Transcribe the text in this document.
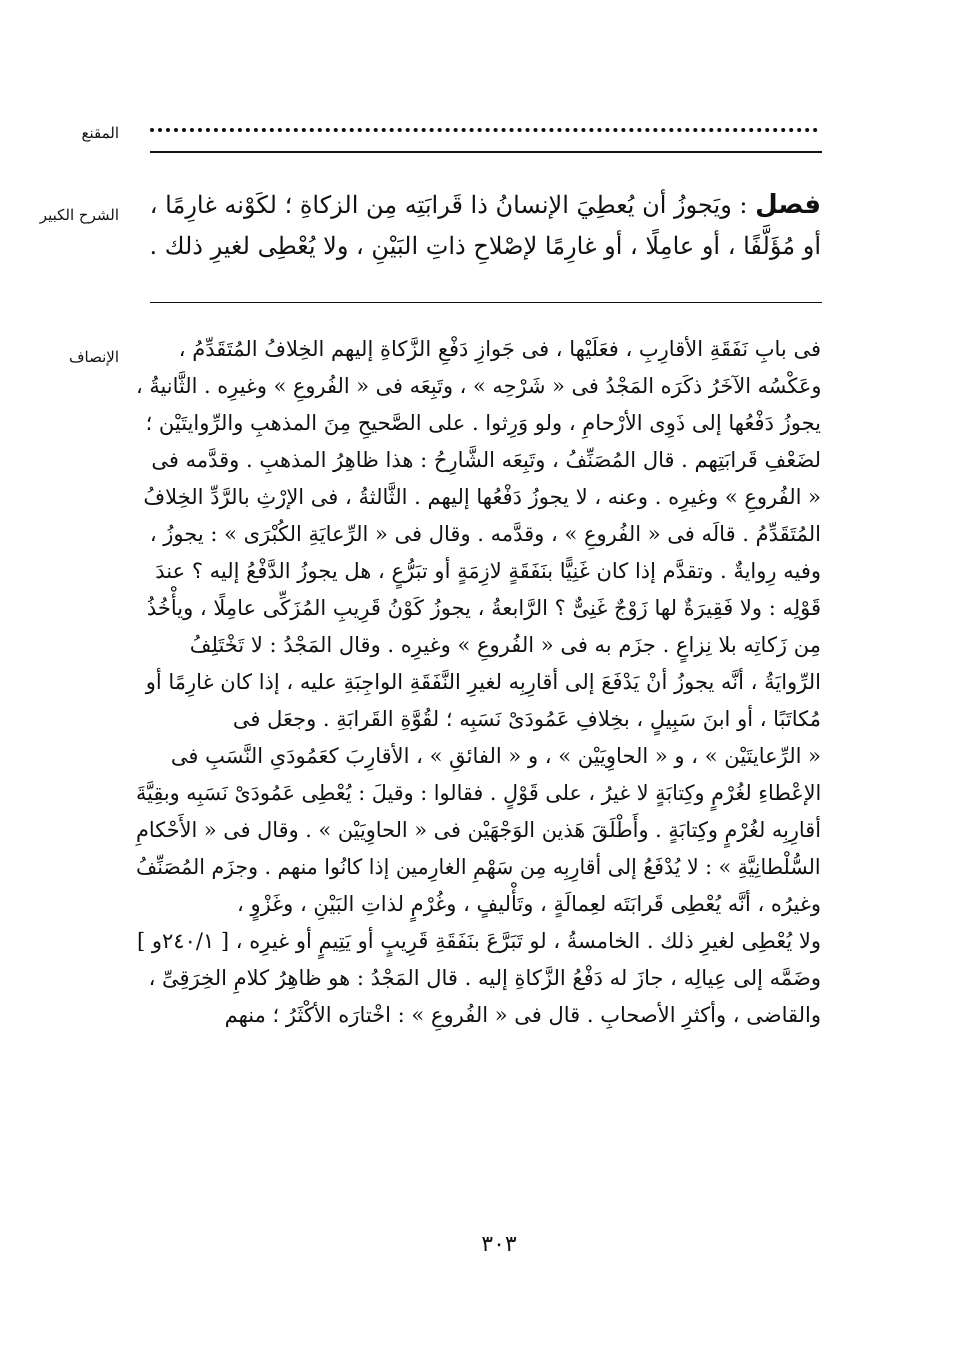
المقنع
الشرح الكبير
الإنصاف
فصل : ويَجوزُ أن يُعطِيَ الإنسانُ ذا قَرابَتِه مِن الزكاةِ ؛ لكَوْنه غارِمًا ،
أو مُؤَلَّفًا ، أو عامِلًا ، أو غارِمًا لإصْلاحِ ذاتِ البَيْنِ ، ولا يُعْطِى لغيرِ ذلك .
فى بابِ نَفَقَةِ الأقارِبِ ، فعَلَيْها ، فى جَوازِ دَفْعِ الزَّكاةِ إليهم الخِلافُ المُتَقَدِّمُ ،
وعَكْسُه الآخَرُ ذكَرَه المَجْدُ فى « شَرْحِه » ، وتَبِعَه فى « الفُروعِ » وغيرِه . الثَّانيةُ ،
يجوزُ دَفْعُها إلى ذَوِى الأرْحامِ ، ولو وَرِثوا . على الصَّحيحِ مِنَ المذهبِ والرِّوايتَيْن ؛
لضَعْفِ قَرابَتِهم . قال المُصَنِّفُ ، وتَبِعَه الشَّارِحُ : هذا ظاهِرُ المذهبِ . وقدَّمه فى
« الفُروعِ » وغيرِه . وعنه ، لا يجوزُ دَفْعُها إليهم . الثَّالثةُ ، فى الإرْثِ بالرَّدِّ الخِلافُ
المُتَقَدِّمُ . قالَه فى « الفُروعِ » ، وقدَّمه . وقال فى « الرِّعايَةِ الكُبْرَى » : يجوزُ ،
وفيه رِوايةٌ . وتقدَّم إذا كان غَنِيًّا بنَفَقَةٍ لازِمَةٍ أو تبَرُّعٍ ، هل يجوزُ الدَّفْعُ إليه ؟ عندَ
قَوْلِه : ولا فَقِيرَةٌ لها زَوْجٌ غَنِىٌّ ؟ الرَّابعةُ ، يجوزُ كَوْنُ قَرِيبِ المُزَكِّى عامِلًا ، ويأْخُذُ
مِن زَكاتِه بلا نِزاعٍ . جزَم به فى « الفُروعِ » وغيرِه . وقال المَجْدُ : لا تَخْتَلِفُ
الرِّوايَةُ ، أنَّه يجوزُ أنْ يَدْفَعَ إلى أقارِبِه لغيرِ النَّفَقَةِ الواجِبَةِ عليه ، إذا كان غارِمًا أو
مُكاتَبًا ، أو ابنَ سَبِيلٍ ، بخِلافِ عَمُودَىْ نَسَبِه ؛ لقُوَّةِ القَرابَةِ . وجعَل فى
« الرِّعايتَيْن » ، و « الحاوِيَيْن » ، و « الفائقِ » ، الأقارِبَ كعَمُودَىِ النَّسَبِ فى
الإعْطاءِ لغُرْمٍ وكِتابَةٍ لا غيرُ ، على قَوْلٍ . فقالوا : وقيلَ : يُعْطِى عَمُودَىْ نَسَبِه وبقِيَّةَ
أقارِبِه لغُرْمٍ وكِتابَةٍ . وأَطْلَقَ هَذين الوَجْهَيْن فى « الحاوِيَيْن » . وقال فى « الأَحْكامِ
السُّلْطانِيَّةِ » : لا يُدْفَعُ إلى أقارِبِه مِن سَهْمِ الغارِمين إذا كانُوا منهم . وجزَم المُصَنِّفُ
وغيرُه ، أنَّه يُعْطِى قَرابَتَه لعِمالَةٍ ، وتَأْليفٍ ، وغُرْمٍ لذاتِ البَيْنِ ، وغَزْوٍ ،
ولا يُعْطِى لغيرِ ذلك . الخامسةُ ، لو تَبَرَّعَ بنَفَقَةِ قَرِيبٍ أو يَتِيمٍ أو غيرِه ، [ ٢٤٠/١و ]
وضَمَّه إلى عِيالِه ، جازَ له دَفْعُ الزَّكاةِ إليه . قال المَجْدُ : هو ظاهِرُ كلامِ الخِرَقِىِّ ،
والقاضى ، وأكثرِ الأصحابِ . قال فى « الفُروعِ » : اخْتارَه الأكْثَرُ ؛ منهم
٣٠٣
